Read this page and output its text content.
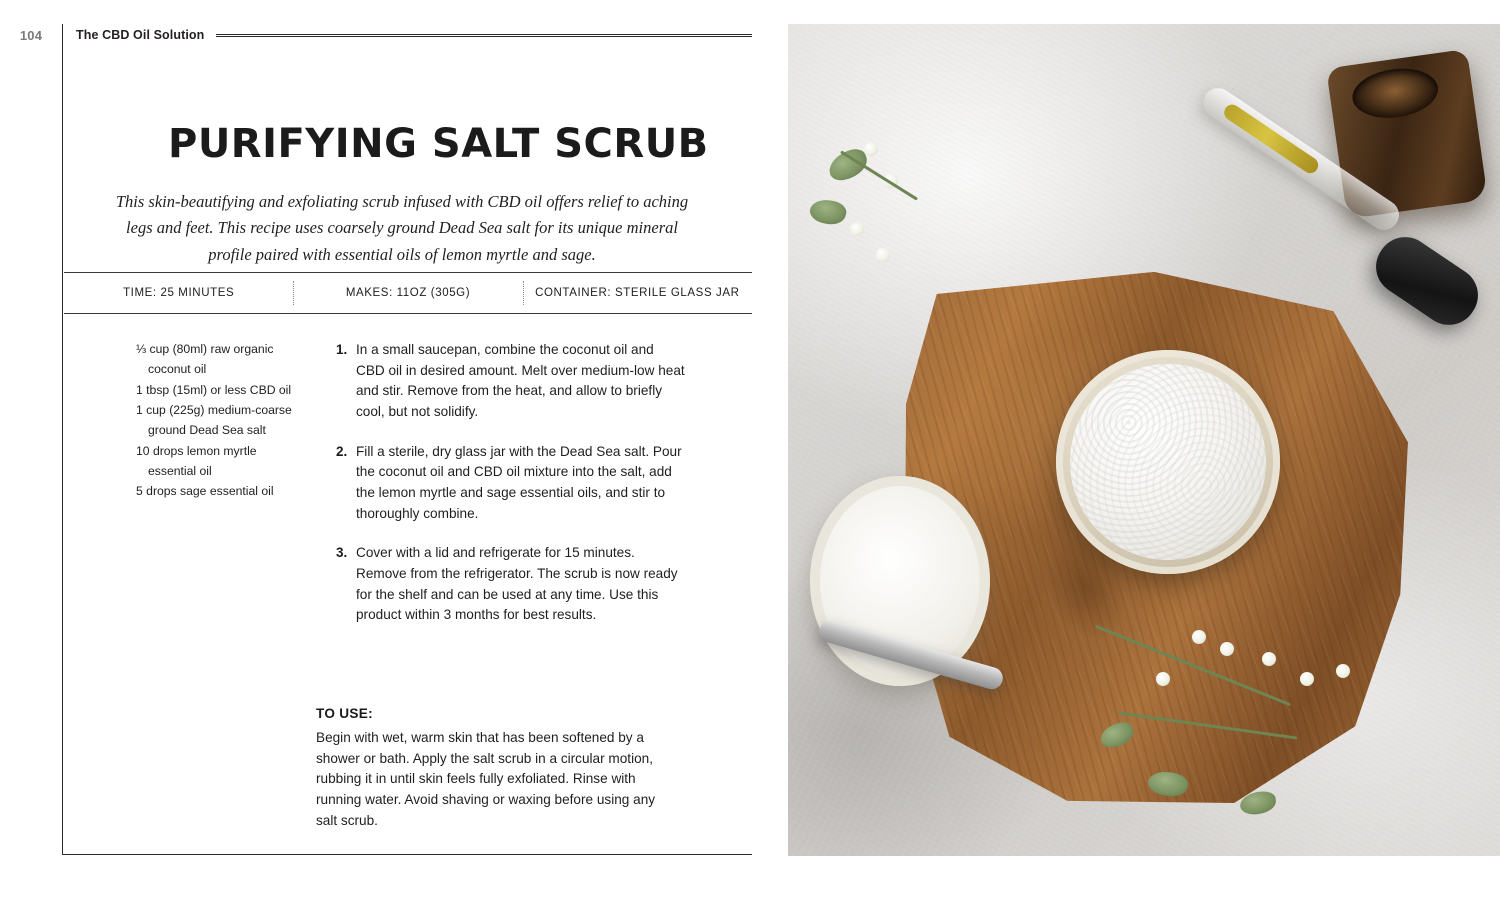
104	The CBD Oil Solution
PURIFYING SALT SCRUB

This skin-beautifying and exfoliating scrub infused with CBD oil offers relief to aching legs and feet. This recipe uses coarsely ground Dead Sea salt for its unique mineral profile paired with essential oils of lemon myrtle and sage.

TIME: 25 MINUTES	MAKES: 11OZ (305G)	CONTAINER: STERILE GLASS JAR
⅓ cup (80ml) raw organic
coconut oil
1 tbsp (15ml) or less CBD oil
1 cup (225g) medium-coarse
ground Dead Sea salt
10 drops lemon myrtle
essential oil
5 drops sage essential oil
1. In a small saucepan, combine the coconut oil and CBD oil in desired amount. Melt over medium-low heat and stir. Remove from the heat, and allow to briefly cool, but not solidify.
2. Fill a sterile, dry glass jar with the Dead Sea salt. Pour the coconut oil and CBD oil mixture into the salt, add the lemon myrtle and sage essential oils, and stir to thoroughly combine.
3. Cover with a lid and refrigerate for 15 minutes. Remove from the refrigerator. The scrub is now ready for the shelf and can be used at any time. Use this product within 3 months for best results.
TO USE:
Begin with wet, warm skin that has been softened by a shower or bath. Apply the salt scrub in a circular motion, rubbing it in until skin feels fully exfoliated. Rinse with running water. Avoid shaving or waxing before using any salt scrub.
